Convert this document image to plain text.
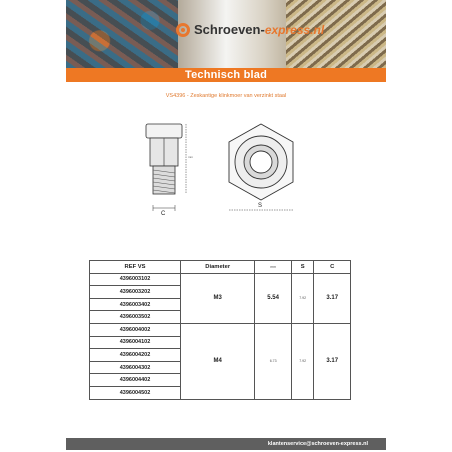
Schroeven-express.nl
Technisch blad
VS4396 - Zeskantige klinkmoer van verzinkt staal
mm
C
S
REF VS	Diameter	mm	S	C
4396003102	M3	5.54	7.92	3.17
4396003202				
4396003402				
4396003502				
4396004002	M4	6.73	7.92	3.17
4396004102				
4396004202				
4396004302				
4396004402				
4396004502				
klantenservice@schroeven-express.nl
